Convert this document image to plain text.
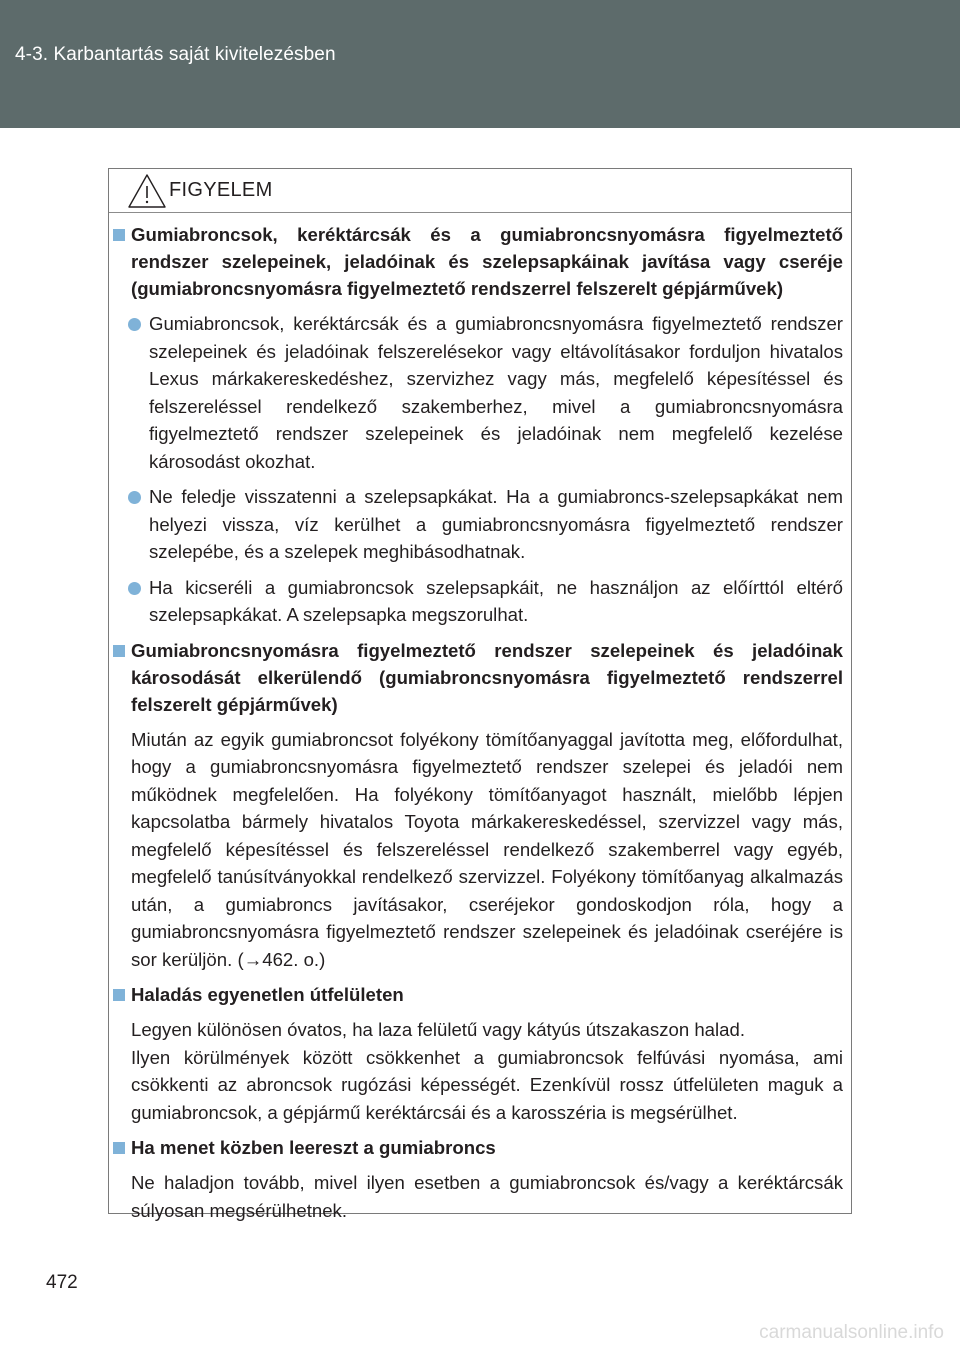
4-3. Karbantartás saját kivitelezésben
FIGYELEM
Gumiabroncsok, keréktárcsák és a gumiabroncsnyomásra figyelmeztető rendszer szelepeinek, jeladóinak és szelepsapkáinak javítása vagy cseréje (gumiabroncsnyomásra figyelmeztető rendszerrel felszerelt gépjárművek)
Gumiabroncsok, keréktárcsák és a gumiabroncsnyomásra figyelmeztető rendszer szelepeinek és jeladóinak felszerelésekor vagy eltávolításakor forduljon hivatalos Lexus márkakereskedéshez, szervizhez vagy más, megfelelő képesítéssel és felszereléssel rendelkező szakemberhez, mivel a gumiabroncsnyomásra figyelmeztető rendszer szelepeinek és jeladóinak nem megfelelő kezelése károsodást okozhat.
Ne feledje visszatenni a szelepsapkákat. Ha a gumiabroncs-szelepsapkákat nem helyezi vissza, víz kerülhet a gumiabroncsnyomásra figyelmeztető rendszer szelepébe, és a szelepek meghibásodhatnak.
Ha kicseréli a gumiabroncsok szelepsapkáit, ne használjon az előírttól eltérő szelepsapkákat. A szelepsapka megszorulhat.
Gumiabroncsnyomásra figyelmeztető rendszer szelepeinek és jeladóinak károsodását elkerülendő (gumiabroncsnyomásra figyelmeztető rendszerrel felszerelt gépjárművek)
Miután az egyik gumiabroncsot folyékony tömítőanyaggal javította meg, előfordulhat, hogy a gumiabroncsnyomásra figyelmeztető rendszer szelepei és jeladói nem működnek megfelelően. Ha folyékony tömítőanyagot használt, mielőbb lépjen kapcsolatba bármely hivatalos Toyota márkakereskedéssel, szervizzel vagy más, megfelelő képesítéssel és felszereléssel rendelkező szakemberrel vagy egyéb, megfelelő tanúsítványokkal rendelkező szervizzel. Folyékony tömítőanyag alkalmazás után, a gumiabroncs javításakor, cseréjekor gondoskodjon róla, hogy a gumiabroncsnyomásra figyelmeztető rendszer szelepeinek és jeladóinak cseréjére is sor kerüljön. (→462. o.)
Haladás egyenetlen útfelületen
Legyen különösen óvatos, ha laza felületű vagy kátyús útszakaszon halad.
Ilyen körülmények között csökkenhet a gumiabroncsok felfúvási nyomása, ami csökkenti az abroncsok rugózási képességét. Ezenkívül rossz útfelületen maguk a gumiabroncsok, a gépjármű keréktárcsái és a karosszéria is megsérülhet.
Ha menet közben leereszt a gumiabroncs
Ne haladjon tovább, mivel ilyen esetben a gumiabroncsok és/vagy a keréktárcsák súlyosan megsérülhetnek.
472
carmanualsonline.info
